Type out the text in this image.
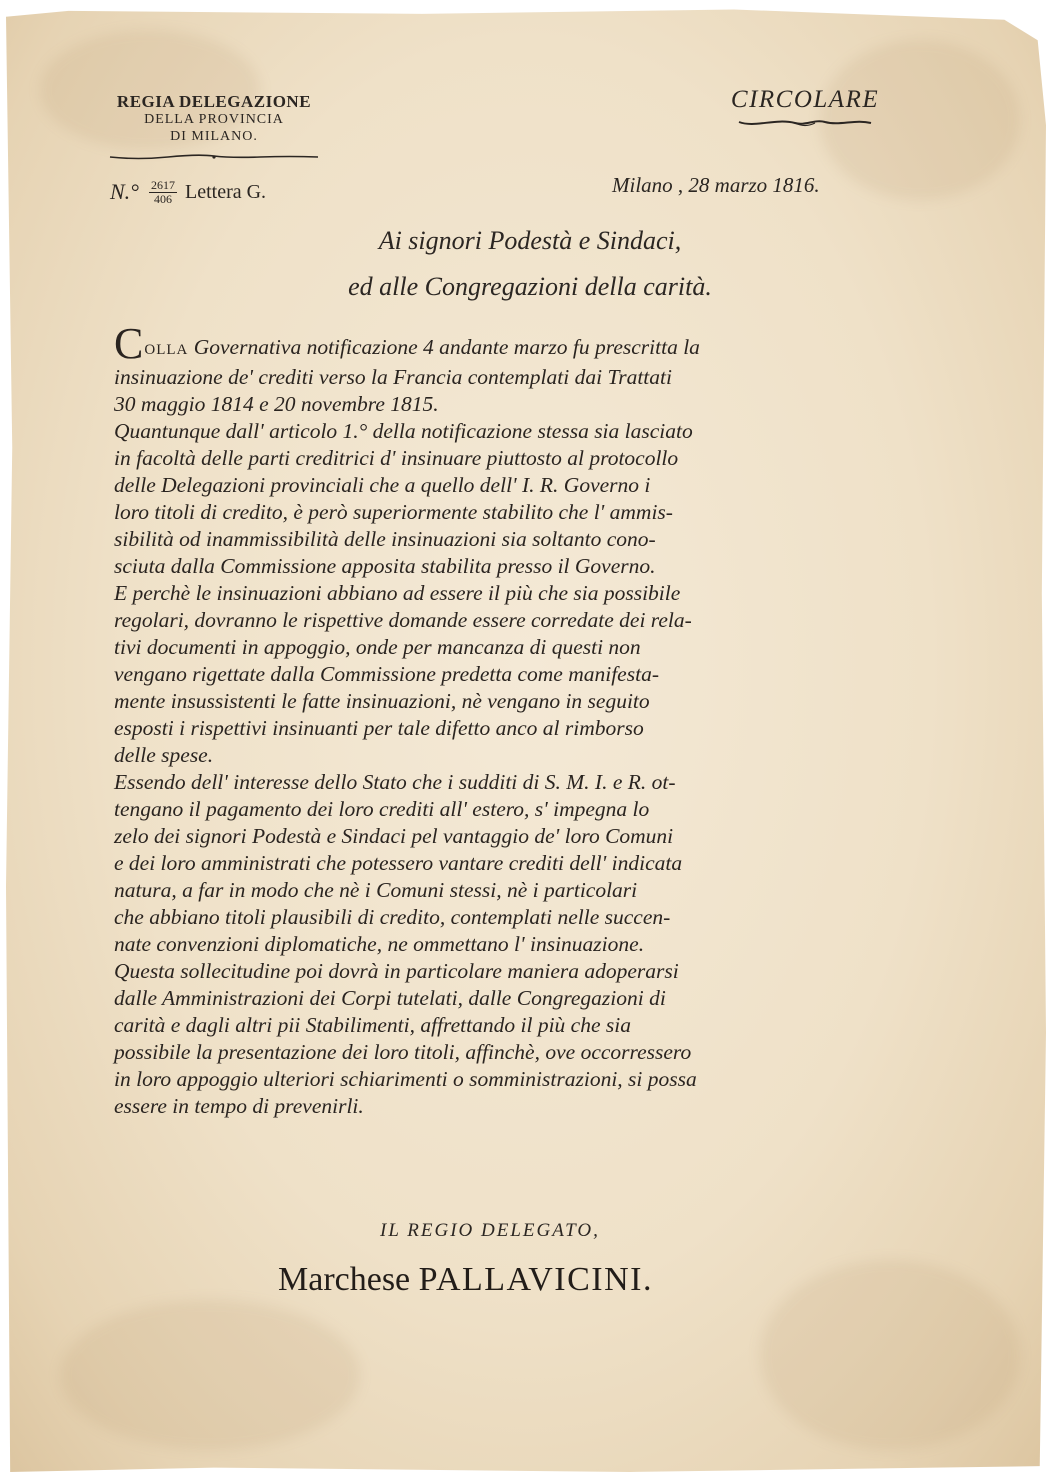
REGIA DELEGAZIONE
DELLA PROVINCIA
DI MILANO.
CIRCOLARE
$N.^\circ \frac{2617}{406}$ Lettera G.	Milano , 28 marzo 1816.
Ai signori Podestà e Sindaci,
ed alle Congregazioni della carità.

COLLA Governativa notificazione 4 andante marzo fu prescritta la
insinuazione de' crediti verso la Francia contemplati dai Trattati
30 maggio 1814 e 20 novembre 1815.

Quantunque dall' articolo 1.° della notificazione stessa sia lasciato
in facoltà delle parti creditrici d' insinuare piuttosto al protocollo
delle Delegazioni provinciali che a quello dell' I. R. Governo i
loro titoli di credito, è però superiormente stabilito che l' ammis-
sibilità od inammissibilità delle insinuazioni sia soltanto cono-
sciuta dalla Commissione apposita stabilita presso il Governo.

E perchè le insinuazioni abbiano ad essere il più che sia possibile
regolari, dovranno le rispettive domande essere corredate dei rela-
tivi documenti in appoggio, onde per mancanza di questi non
vengano rigettate dalla Commissione predetta come manifesta-
mente insussistenti le fatte insinuazioni, nè vengano in seguito
esposti i rispettivi insinuanti per tale difetto anco al rimborso
delle spese.

Essendo dell' interesse dello Stato che i sudditi di S. M. I. e R. ot-
tengano il pagamento dei loro crediti all' estero, s' impegna lo
zelo dei signori Podestà e Sindaci pel vantaggio de' loro Comuni
e dei loro amministrati che potessero vantare crediti dell' indicata
natura, a far in modo che nè i Comuni stessi, nè i particolari
che abbiano titoli plausibili di credito, contemplati nelle succen-
nate convenzioni diplomatiche, ne ommettano l' insinuazione.

Questa sollecitudine poi dovrà in particolare maniera adoperarsi
dalle Amministrazioni dei Corpi tutelati, dalle Congregazioni di
carità e dagli altri pii Stabilimenti, affrettando il più che sia
possibile la presentazione dei loro titoli, affinchè, ove occorressero
in loro appoggio ulteriori schiarimenti o somministrazioni, si possa
essere in tempo di prevenirli.

IL REGIO DELEGATO,
Marchese PALLAVICINI.
